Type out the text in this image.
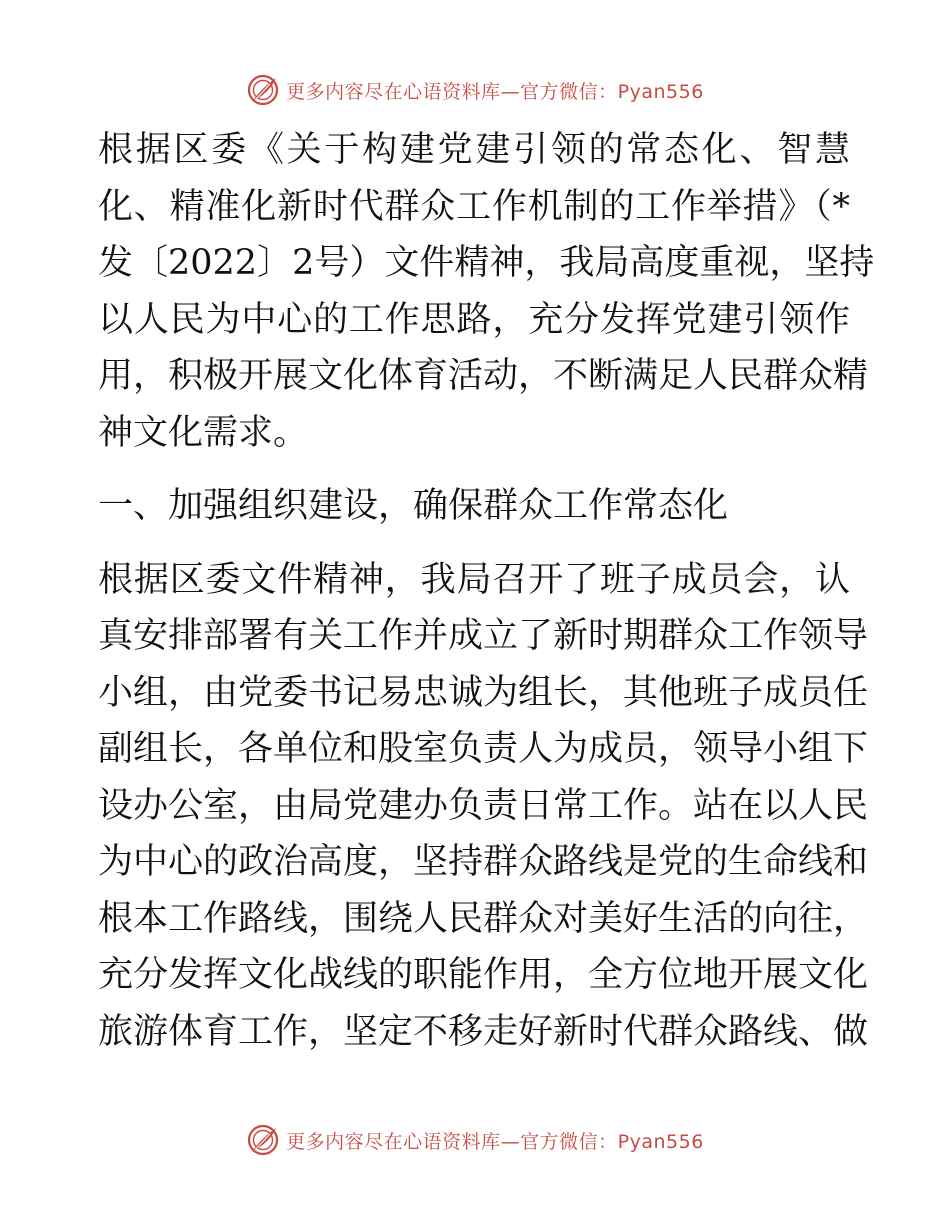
更多内容尽在心语资料库—官方微信：Pyan556
根据区委《关于构建党建引领的常态化、智慧
化、精准化新时代群众工作机制的工作举措》（*
发〔2022〕2号）文件精神，我局高度重视，坚持
以人民为中心的工作思路，充分发挥党建引领作
用，积极开展文化体育活动，不断满足人民群众精
神文化需求。
一、加强组织建设，确保群众工作常态化
根据区委文件精神，我局召开了班子成员会，认
真安排部署有关工作并成立了新时期群众工作领导
小组，由党委书记易忠诚为组长，其他班子成员任
副组长，各单位和股室负责人为成员，领导小组下
设办公室，由局党建办负责日常工作。站在以人民
为中心的政治高度，坚持群众路线是党的生命线和
根本工作路线，围绕人民群众对美好生活的向往，
充分发挥文化战线的职能作用，全方位地开展文化
旅游体育工作，坚定不移走好新时代群众路线、做
更多内容尽在心语资料库—官方微信：Pyan556
